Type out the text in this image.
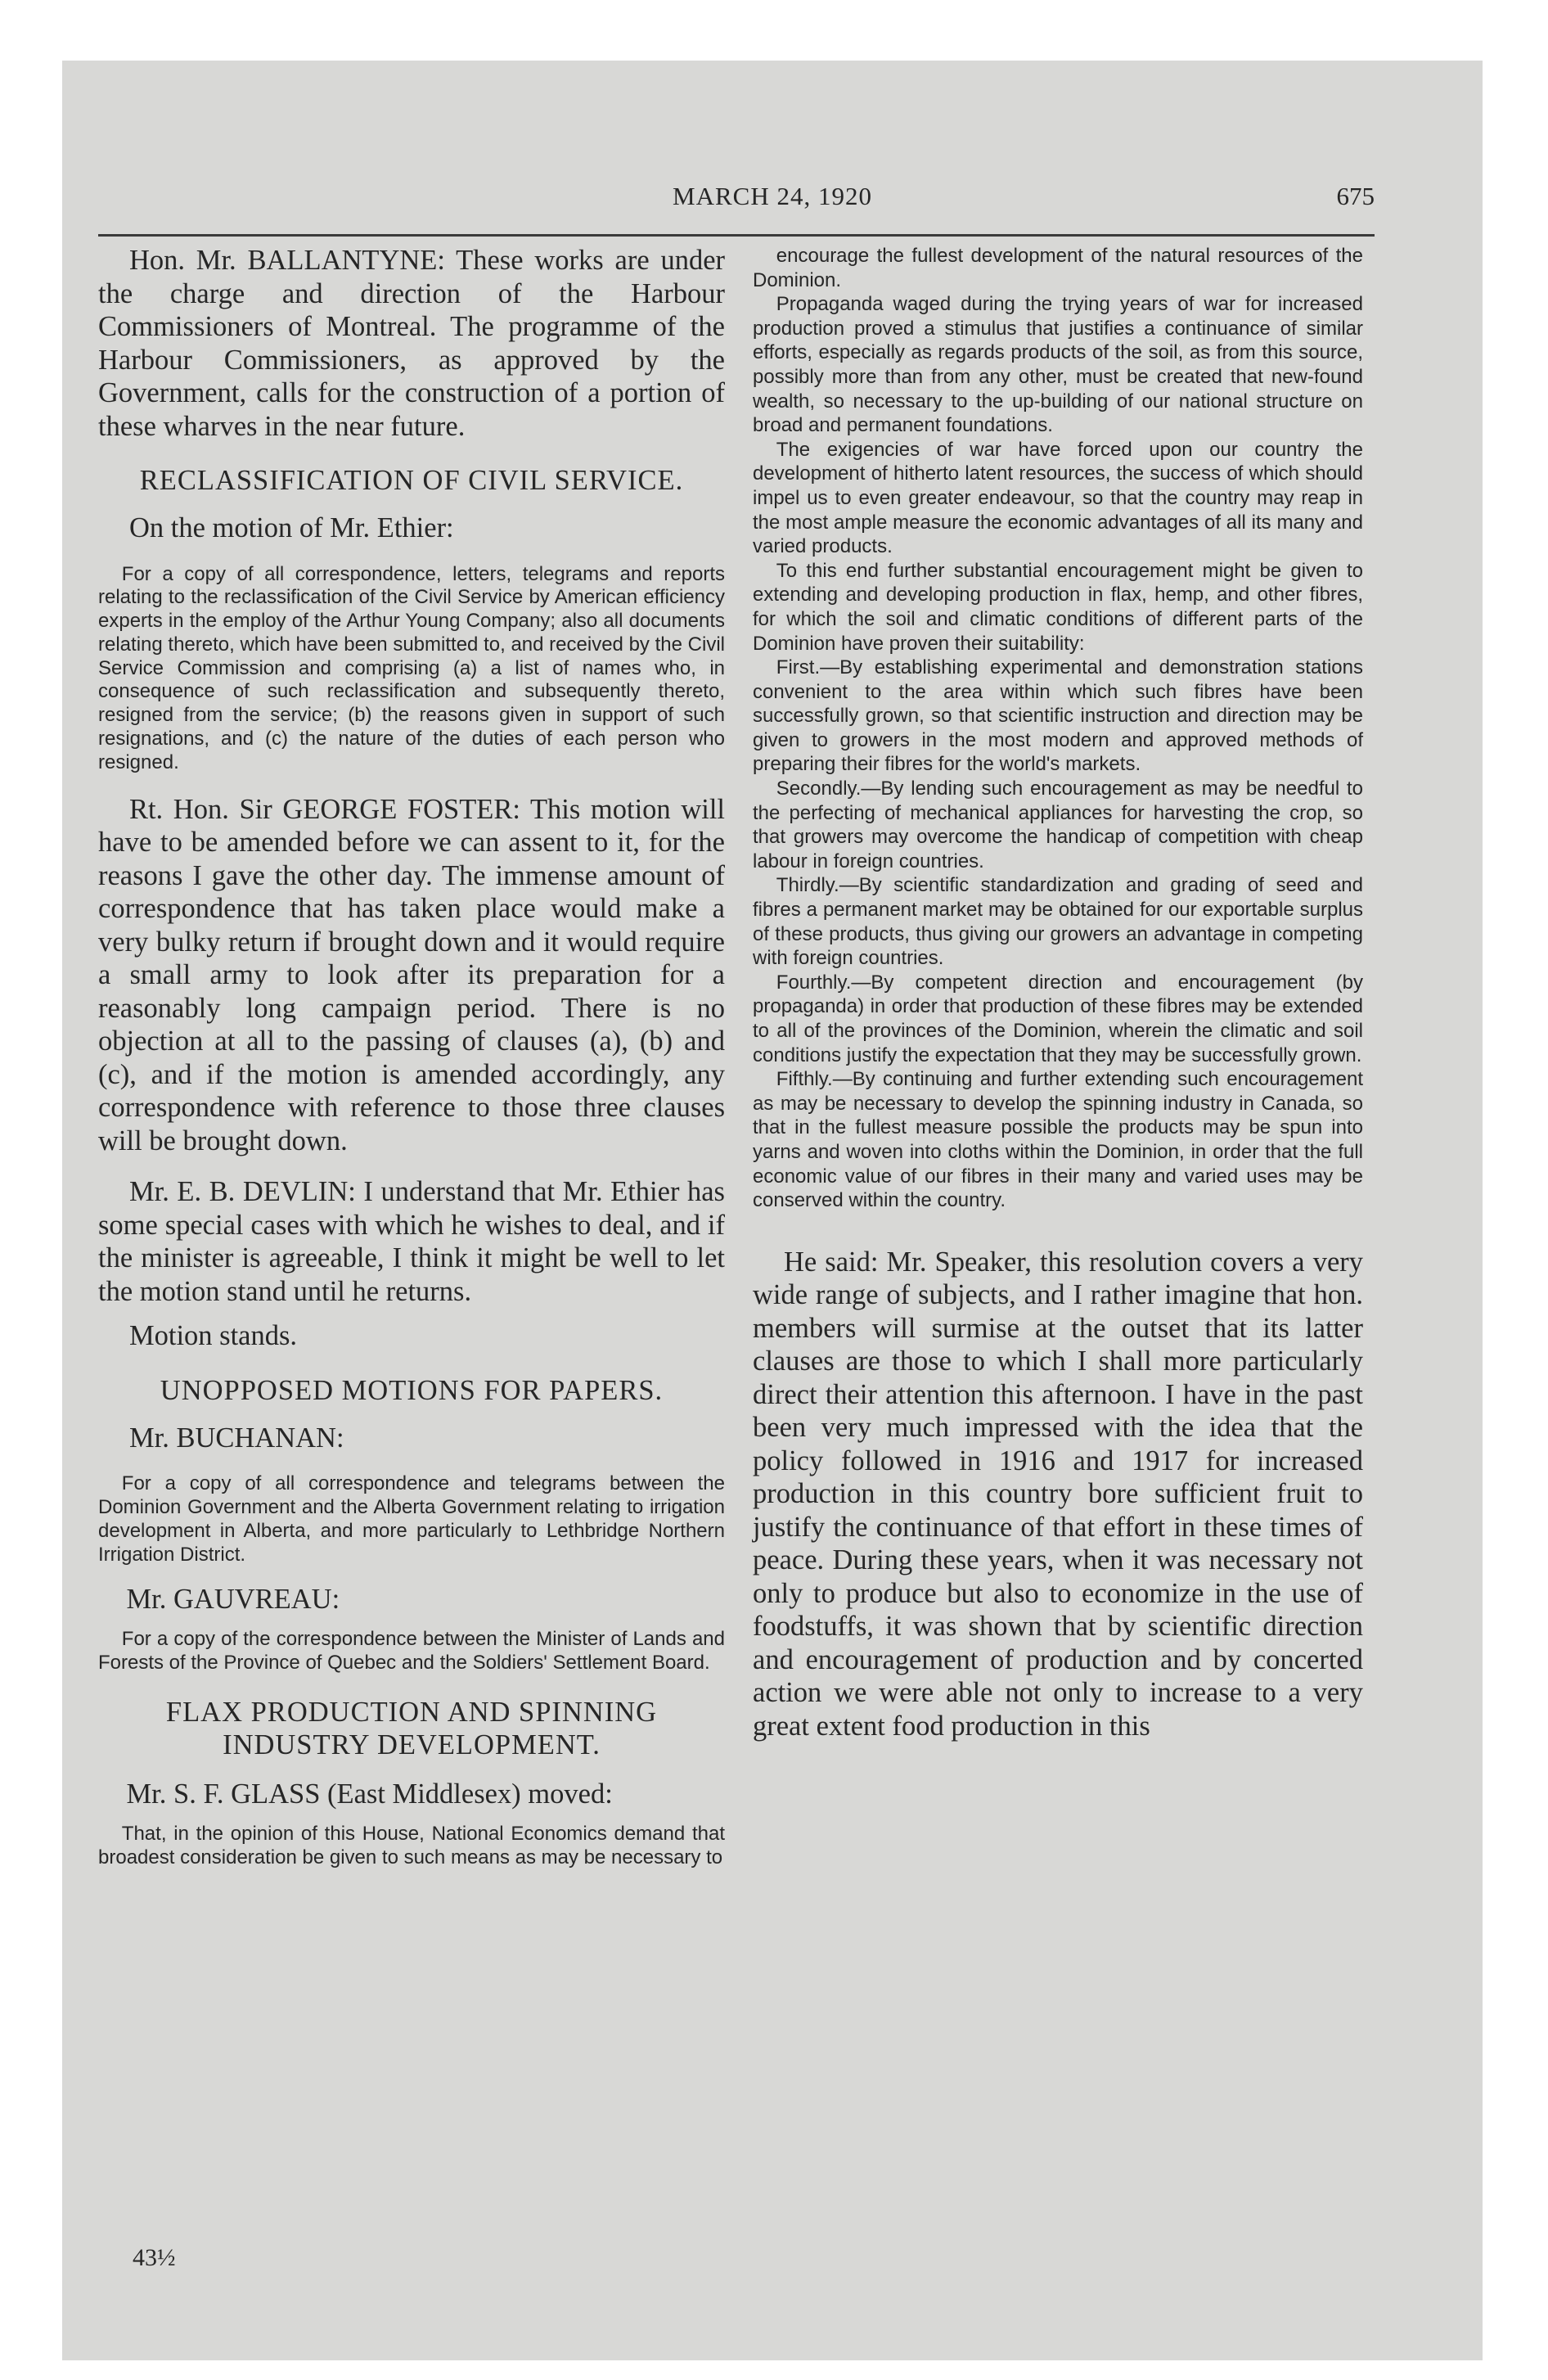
MARCH 24, 1920	675

Hon. Mr. BALLANTYNE: These works are under the charge and direction of the Harbour Commissioners of Montreal. The programme of the Harbour Commissioners, as approved by the Government, calls for the construction of a portion of these wharves in the near future.

RECLASSIFICATION OF CIVIL SERVICE.

On the motion of Mr. Ethier:

For a copy of all correspondence, letters, telegrams and reports relating to the reclassification of the Civil Service by American efficiency experts in the employ of the Arthur Young Company; also all documents relating thereto, which have been submitted to, and received by the Civil Service Commission and comprising (a) a list of names who, in consequence of such reclassification and subsequently thereto, resigned from the service; (b) the reasons given in support of such resignations, and (c) the nature of the duties of each person who resigned.

Rt. Hon. Sir GEORGE FOSTER: This motion will have to be amended before we can assent to it, for the reasons I gave the other day. The immense amount of correspondence that has taken place would make a very bulky return if brought down and it would require a small army to look after its preparation for a reasonably long campaign period. There is no objection at all to the passing of clauses (a), (b) and (c), and if the motion is amended accordingly, any correspondence with reference to those three clauses will be brought down.

Mr. E. B. DEVLIN: I understand that Mr. Ethier has some special cases with which he wishes to deal, and if the minister is agreeable, I think it might be well to let the motion stand until he returns.

Motion stands.

UNOPPOSED MOTIONS FOR PAPERS.

Mr. BUCHANAN:

For a copy of all correspondence and telegrams between the Dominion Government and the Alberta Government relating to irrigation development in Alberta, and more particularly to Lethbridge Northern Irrigation District.

Mr. GAUVREAU:

For a copy of the correspondence between the Minister of Lands and Forests of the Province of Quebec and the Soldiers' Settlement Board.

FLAX PRODUCTION AND SPINNING INDUSTRY DEVELOPMENT.

Mr. S. F. GLASS (East Middlesex) moved:

That, in the opinion of this House, National Economics demand that broadest consideration be given to such means as may be necessary to

43½

encourage the fullest development of the natural resources of the Dominion.

Propaganda waged during the trying years of war for increased production proved a stimulus that justifies a continuance of similar efforts, especially as regards products of the soil, as from this source, possibly more than from any other, must be created that new-found wealth, so necessary to the up-building of our national structure on broad and permanent foundations.

The exigencies of war have forced upon our country the development of hitherto latent resources, the success of which should impel us to even greater endeavour, so that the country may reap in the most ample measure the economic advantages of all its many and varied products.

To this end further substantial encouragement might be given to extending and developing production in flax, hemp, and other fibres, for which the soil and climatic conditions of different parts of the Dominion have proven their suitability:

First.—By establishing experimental and demonstration stations convenient to the area within which such fibres have been successfully grown, so that scientific instruction and direction may be given to growers in the most modern and approved methods of preparing their fibres for the world's markets.

Secondly.—By lending such encouragement as may be needful to the perfecting of mechanical appliances for harvesting the crop, so that growers may overcome the handicap of competition with cheap labour in foreign countries.

Thirdly.—By scientific standardization and grading of seed and fibres a permanent market may be obtained for our exportable surplus of these products, thus giving our growers an advantage in competing with foreign countries.

Fourthly.—By competent direction and encouragement (by propaganda) in order that production of these fibres may be extended to all of the provinces of the Dominion, wherein the climatic and soil conditions justify the expectation that they may be successfully grown.

Fifthly.—By continuing and further extending such encouragement as may be necessary to develop the spinning industry in Canada, so that in the fullest measure possible the products may be spun into yarns and woven into cloths within the Dominion, in order that the full economic value of our fibres in their many and varied uses may be conserved within the country.

He said: Mr. Speaker, this resolution covers a very wide range of subjects, and I rather imagine that hon. members will surmise at the outset that its latter clauses are those to which I shall more particularly direct their attention this afternoon. I have in the past been very much impressed with the idea that the policy followed in 1916 and 1917 for increased production in this country bore sufficient fruit to justify the continuance of that effort in these times of peace. During these years, when it was necessary not only to produce but also to economize in the use of foodstuffs, it was shown that by scientific direction and encouragement of production and by concerted action we were able not only to increase to a very great extent food production in this
